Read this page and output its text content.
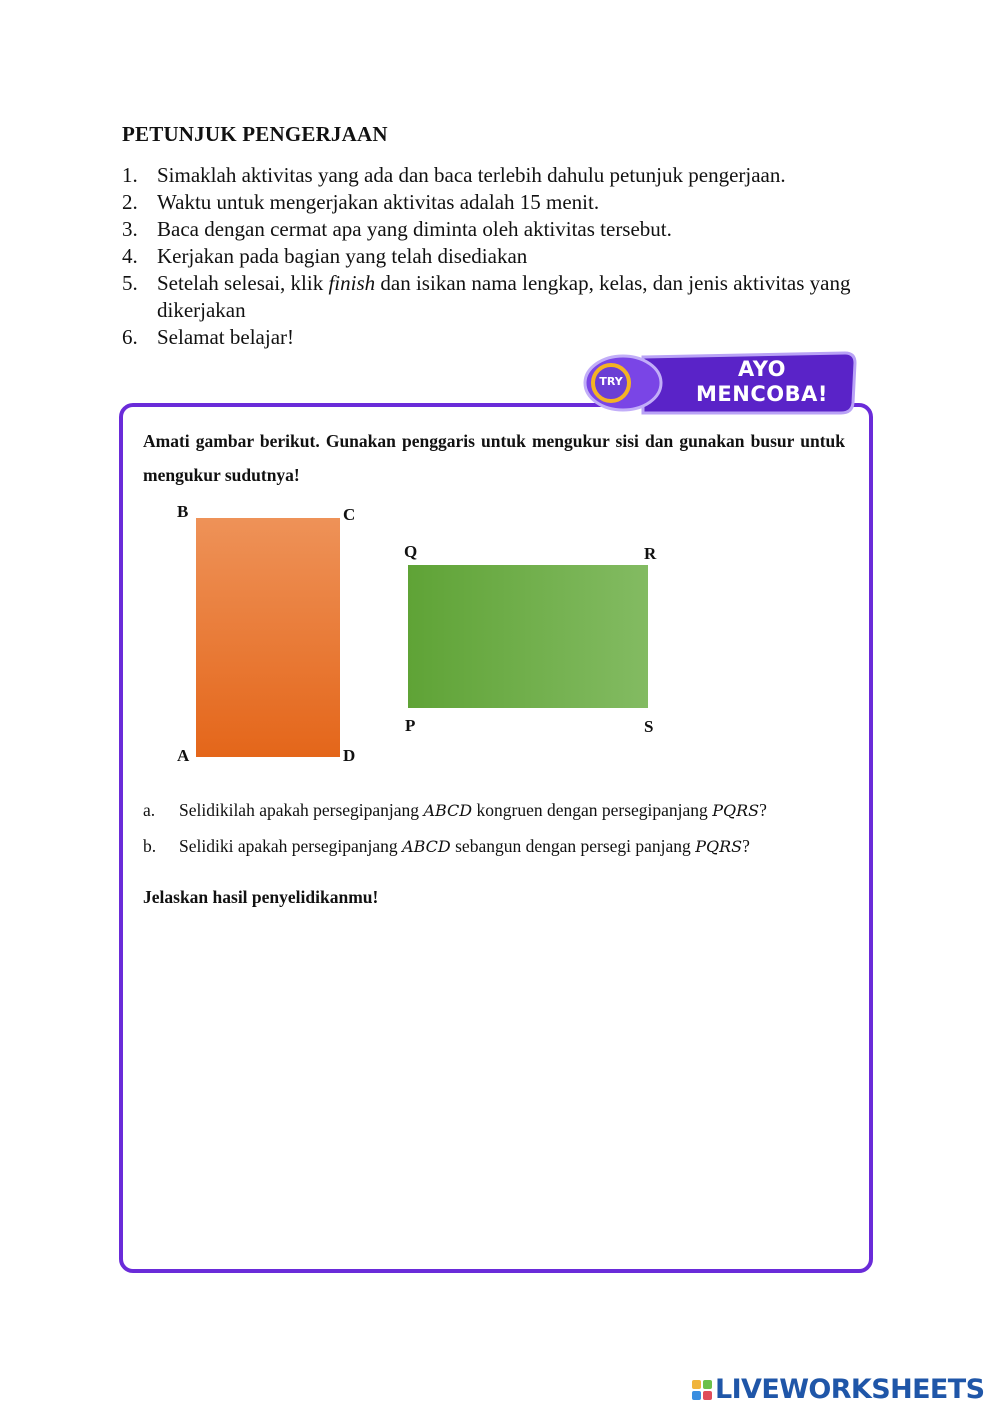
PETUNJUK PENGERJAAN
1. Simaklah aktivitas yang ada dan baca terlebih dahulu petunjuk pengerjaan.
2. Waktu untuk mengerjakan aktivitas adalah 15 menit.
3. Baca dengan cermat apa yang diminta oleh aktivitas tersebut.
4. Kerjakan pada bagian yang telah disediakan
5. Setelah selesai, klik finish dan isikan nama lengkap, kelas, dan jenis aktivitas yang dikerjakan
6. Selamat belajar!
TRY
AYO
MENCOBA!
Amati gambar berikut. Gunakan penggaris untuk mengukur sisi dan gunakan busur untuk mengukur sudutnya!
B	C
A	D
Q	R
P	S
a. Selidikilah apakah persegipanjang ABCD kongruen dengan persegipanjang PQRS?
b. Selidiki apakah persegipanjang ABCD sebangun dengan persegi panjang PQRS?
Jelaskan hasil penyelidikanmu!
LIVEWORKSHEETS
